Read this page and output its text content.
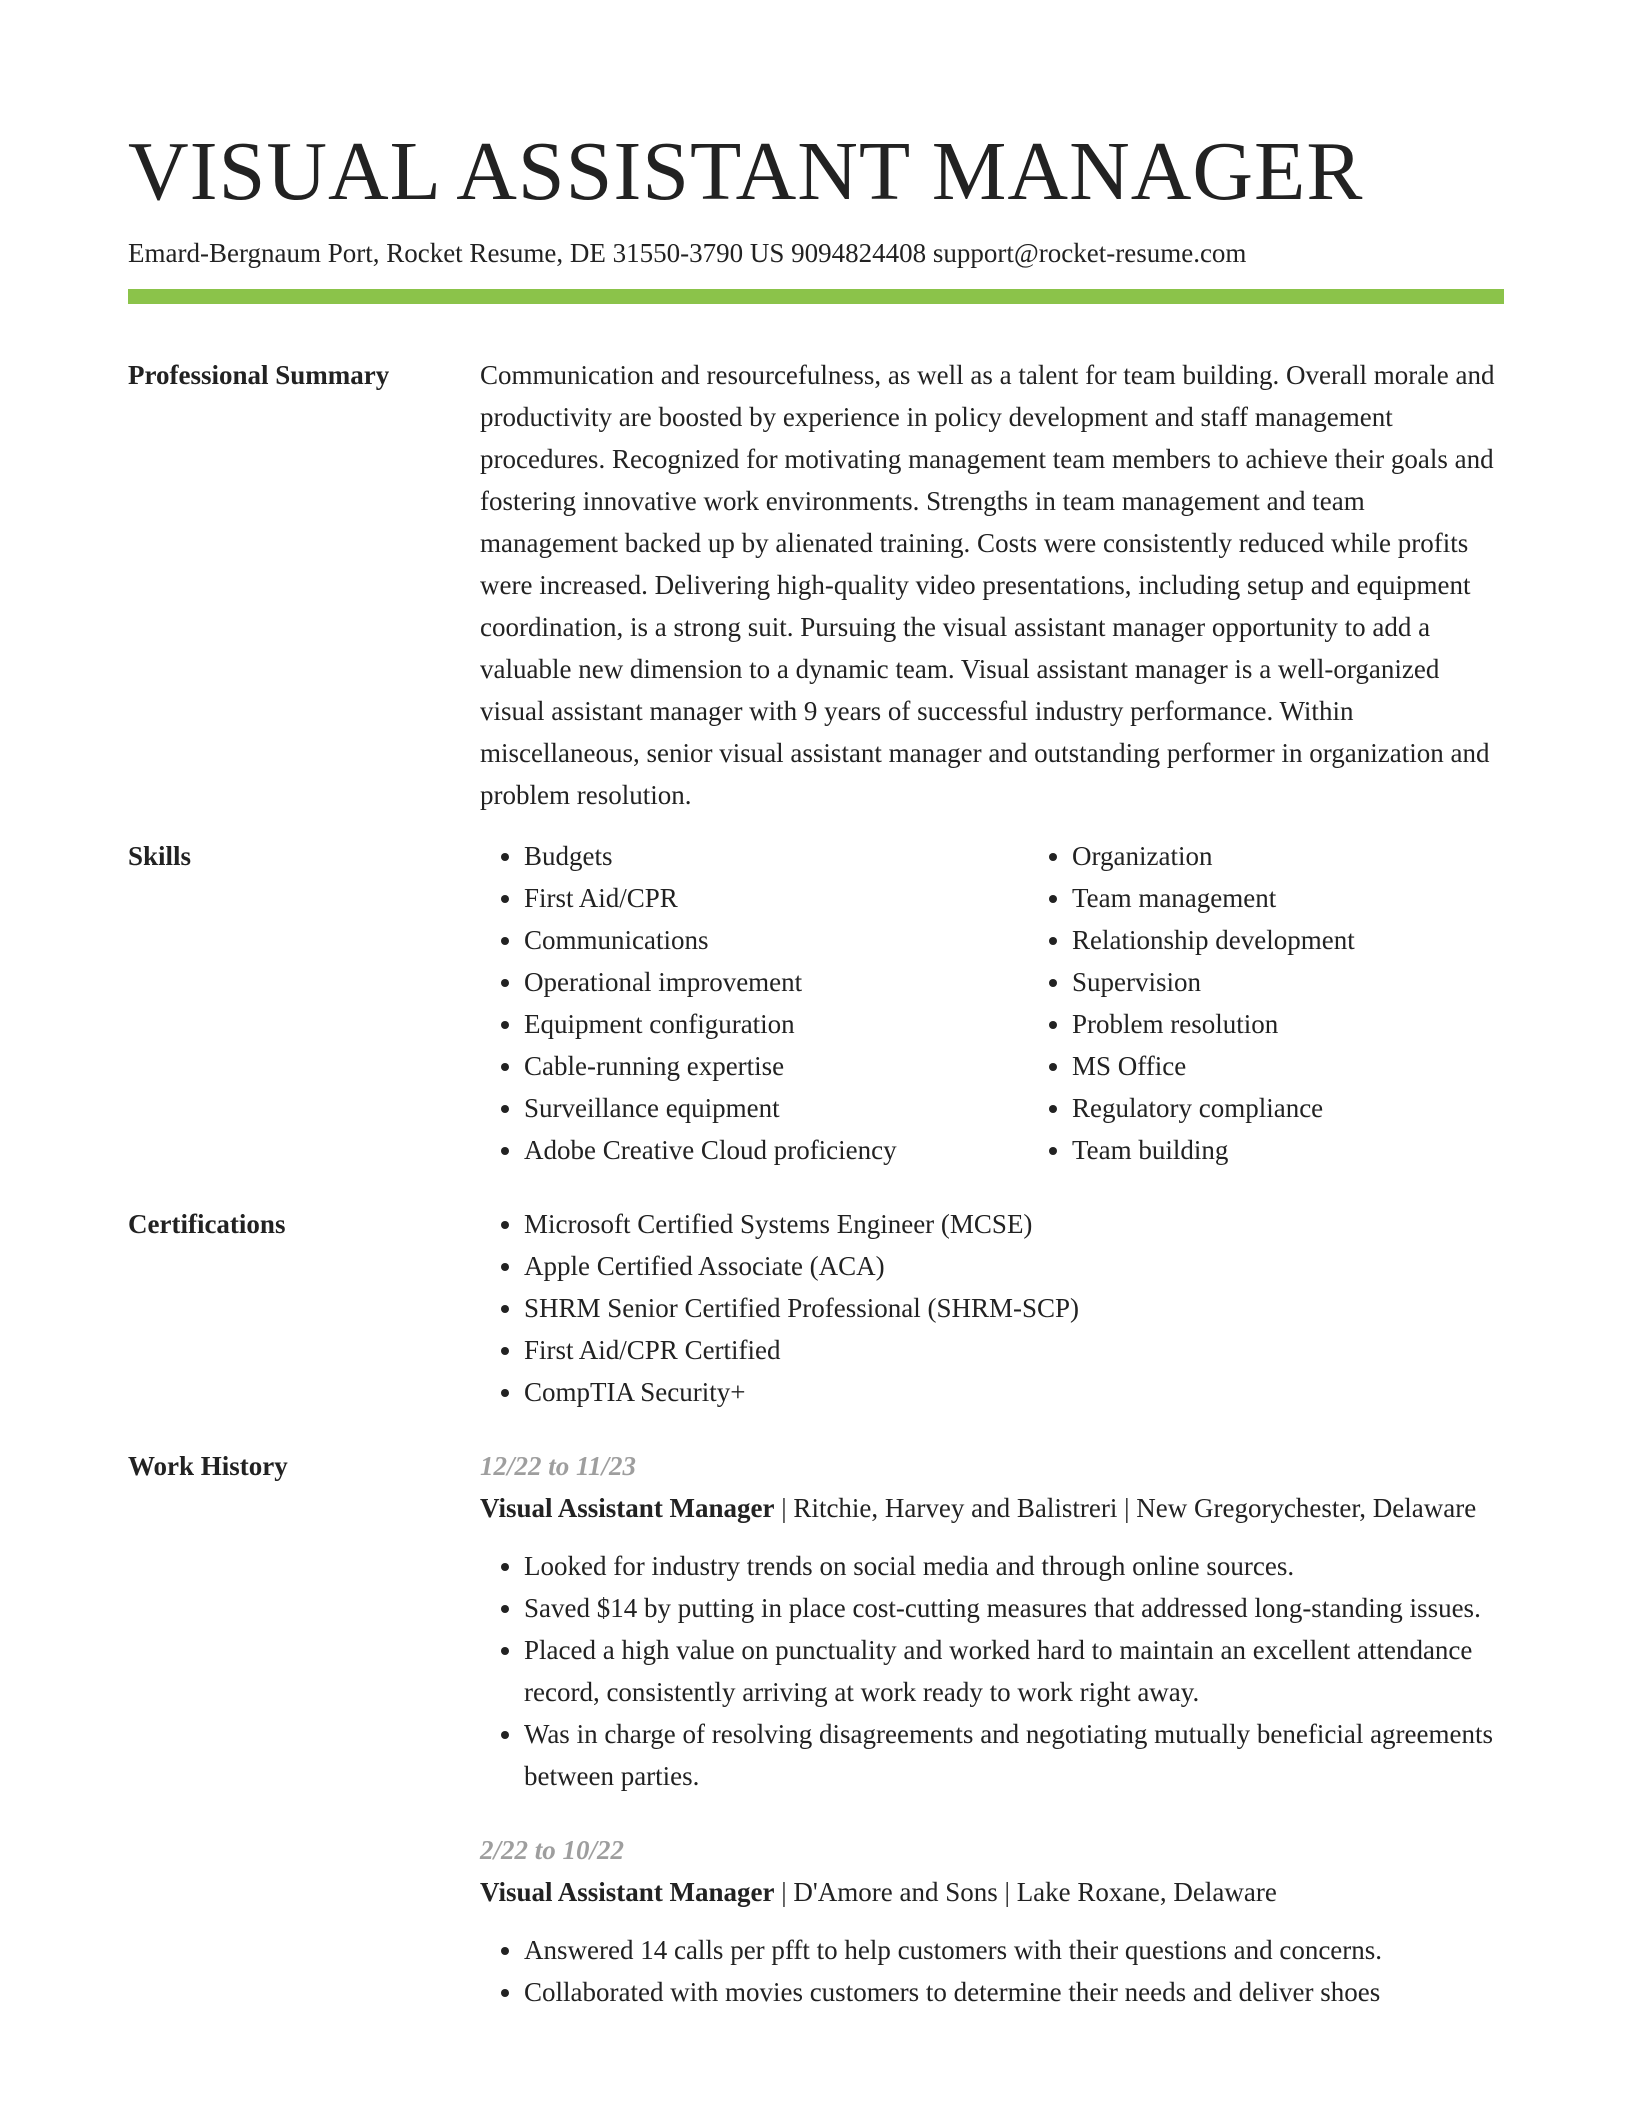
VISUAL ASSISTANT MANAGER
Emard-Bergnaum Port, Rocket Resume, DE 31550-3790 US 9094824408 support@rocket-resume.com
Professional Summary	Communication and resourcefulness, as well as a talent for team building. Overall morale and productivity are boosted by experience in policy development and staff management procedures. Recognized for motivating management team members to achieve their goals and fostering innovative work environments. Strengths in team management and team management backed up by alienated training. Costs were consistently reduced while profits were increased. Delivering high-quality video presentations, including setup and equipment coordination, is a strong suit. Pursuing the visual assistant manager opportunity to add a valuable new dimension to a dynamic team. Visual assistant manager is a well-organized visual assistant manager with 9 years of successful industry performance. Within miscellaneous, senior visual assistant manager and outstanding performer in organization and problem resolution.

Skills	• Budgets
• First Aid/CPR
• Communications
• Operational improvement
• Equipment configuration
• Cable-running expertise
• Surveillance equipment
• Adobe Creative Cloud proficiency
• Organization
• Team management
• Relationship development
• Supervision
• Problem resolution
• MS Office
• Regulatory compliance
• Team building
Certifications	• Microsoft Certified Systems Engineer (MCSE)
• Apple Certified Associate (ACA)
• SHRM Senior Certified Professional (SHRM-SCP)
• First Aid/CPR Certified
• CompTIA Security+
Work History	12/22 to 11/23
Visual Assistant Manager | Ritchie, Harvey and Balistreri | New Gregorychester, Delaware
• Looked for industry trends on social media and through online sources.
• Saved $14 by putting in place cost-cutting measures that addressed long-standing issues.
• Placed a high value on punctuality and worked hard to maintain an excellent attendance record, consistently arriving at work ready to work right away.
• Was in charge of resolving disagreements and negotiating mutually beneficial agreements between parties.
2/22 to 10/22
Visual Assistant Manager | D'Amore and Sons | Lake Roxane, Delaware
• Answered 14 calls per pfft to help customers with their questions and concerns.
• Collaborated with movies customers to determine their needs and deliver shoes
